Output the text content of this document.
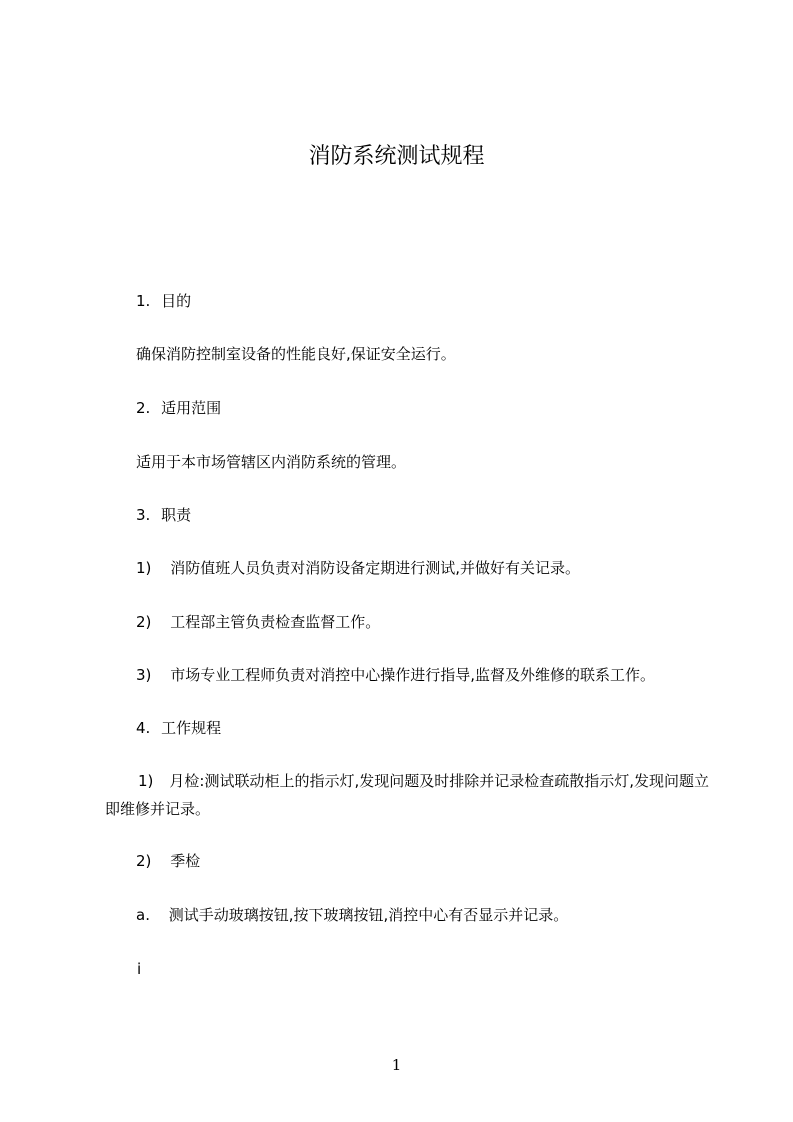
消防系统测试规程
1. 目的
确保消防控制室设备的性能良好,保证安全运行。
2. 适用范围
适用于本市场管辖区内消防系统的管理。
3. 职责
1) 消防值班人员负责对消防设备定期进行测试,并做好有关记录。
2) 工程部主管负责检查监督工作。
3) 市场专业工程师负责对消控中心操作进行指导,监督及外维修的联系工作。
4. 工作规程
1) 月检:测试联动柜上的指示灯,发现问题及时排除并记录检查疏散指示灯,发现问题立即维修并记录。
2) 季检
a. 测试手动玻璃按钮,按下玻璃按钮,消控中心有否显示并记录。
i
1
